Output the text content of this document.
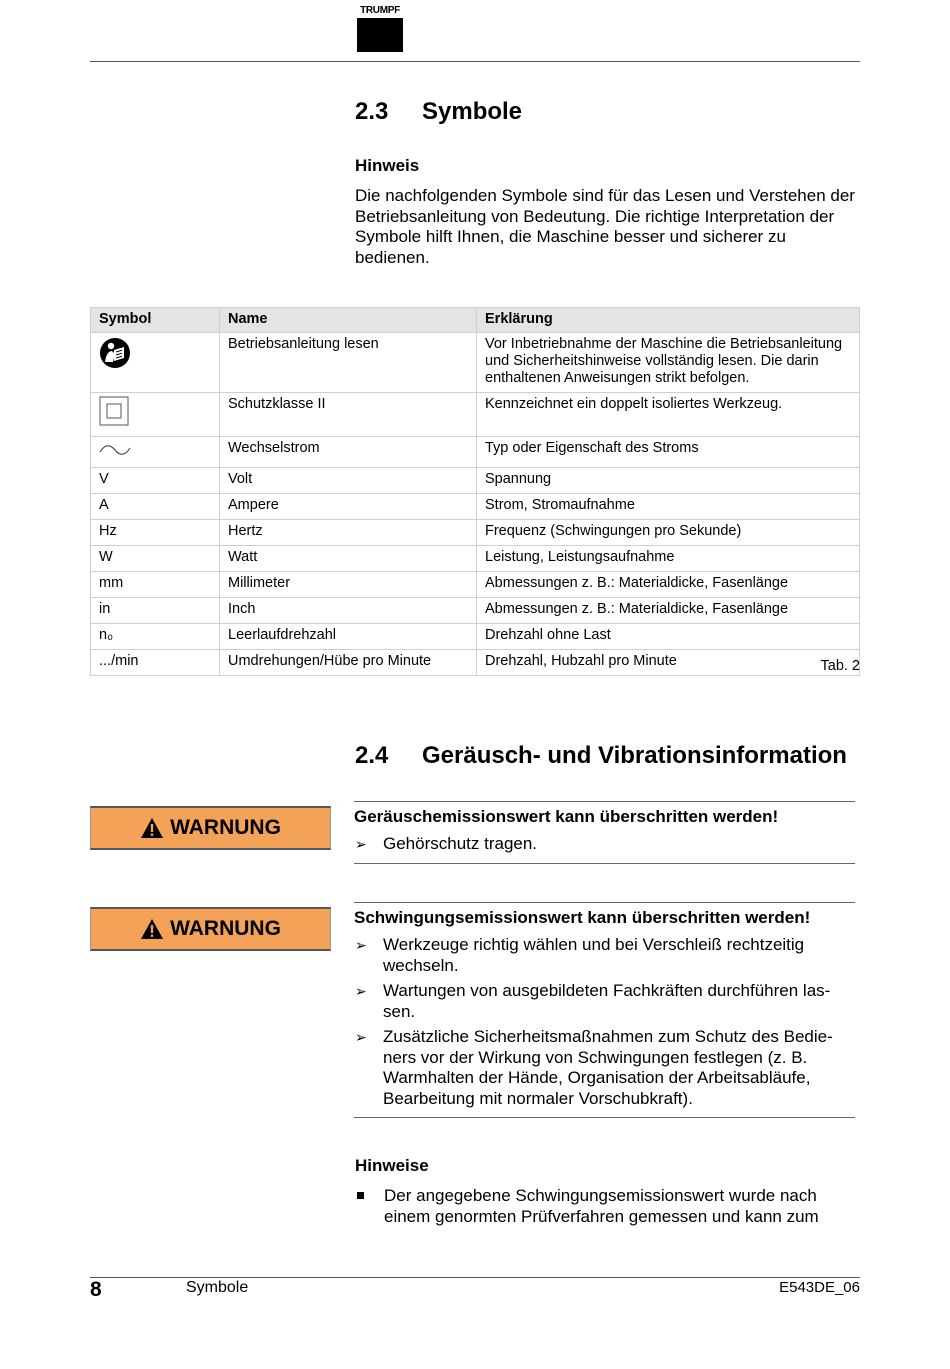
TRUMPF
2.3 Symbole

Hinweis

Die nachfolgenden Symbole sind für das Lesen und Verstehen der Betriebsanleitung von Bedeutung. Die richtige Interpretation der Symbole hilft Ihnen, die Maschine besser und sicherer zu bedienen.

Symbol	Name	Erklärung
	Betriebsanleitung lesen	Vor Inbetriebnahme der Maschine die Betriebsanleitung und Sicherheitshinweise vollständig lesen. Die darin enthaltenen Anweisungen strikt befolgen.
	Schutzklasse II	Kennzeichnet ein doppelt isoliertes Werkzeug.
	Wechselstrom	Typ oder Eigenschaft des Stroms
V	Volt	Spannung
A	Ampere	Strom, Stromaufnahme
Hz	Hertz	Frequenz (Schwingungen pro Sekunde)
W	Watt	Leistung, Leistungsaufnahme
mm	Millimeter	Abmessungen z. B.: Materialdicke, Fasenlänge
in	Inch	Abmessungen z. B.: Materialdicke, Fasenlänge
n₀	Leerlaufdrehzahl	Drehzahl ohne Last
.../min	Umdrehungen/Hübe pro Minute	Drehzahl, Hubzahl pro Minute	Tab. 2
2.4 Geräusch- und Vibrationsinformation
WARNUNG	Geräuschemissionswert kann überschritten werden!

➢ Gehörschutz tragen.
WARNUNG	Schwingungsemissionswert kann überschritten werden!

➢ Werkzeuge richtig wählen und bei Verschleiß rechtzeitig wechseln.
➢ Wartungen von ausgebildeten Fachkräften durchführen las- sen.
➢ Zusätzliche Sicherheitsmaßnahmen zum Schutz des Bedie- ners vor der Wirkung von Schwingungen festlegen (z. B. Warmhalten der Hände, Organisation der Arbeitsabläufe, Bearbeitung mit normaler Vorschubkraft).

Hinweise

Der angegebene Schwingungsemissionswert wurde nach einem genormten Prüfverfahren gemessen und kann zum
8	Symbole	E543DE_06
